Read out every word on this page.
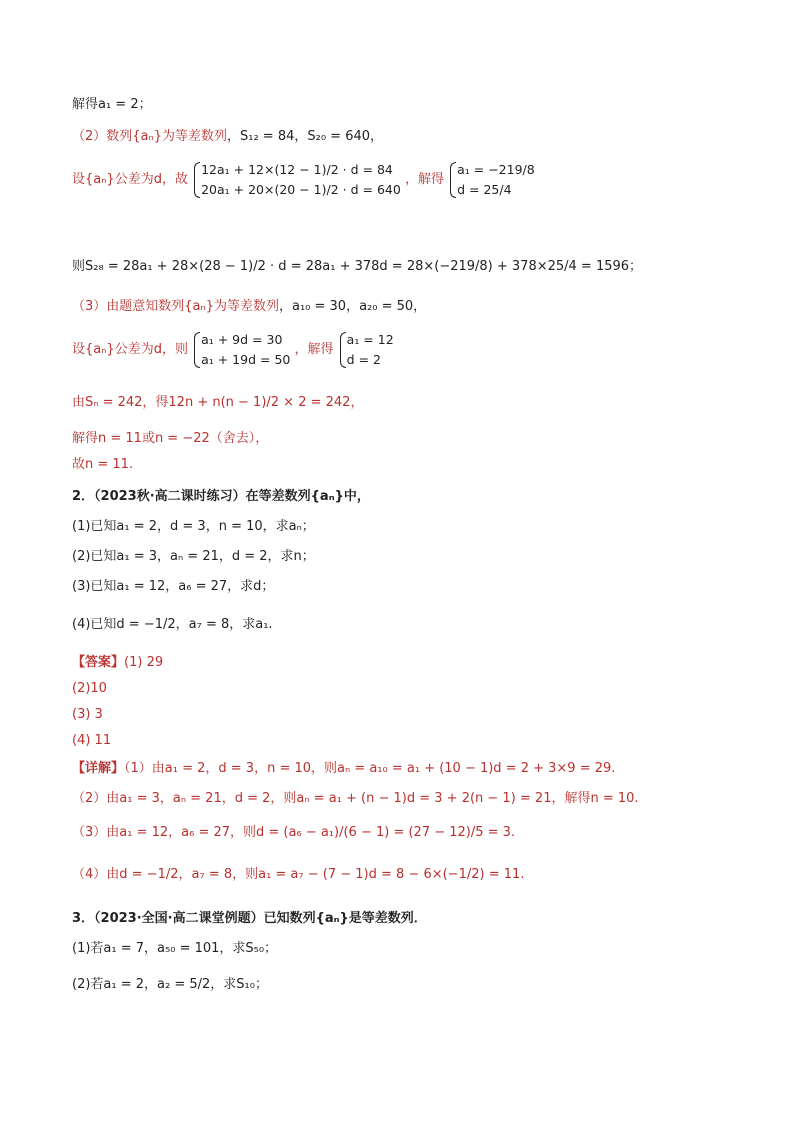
解得a₁ = 2；
（2）数列{aₙ}为等差数列，S₁₂ = 84，S₂₀ = 640，
设{aₙ}公差为d，故
12a₁ + 12×(12 − 1)/2 · d = 84
20a₁ + 20×(20 − 1)/2 · d = 640
，解得
a₁ = −219/8
d = 25/4
则S₂₈ = 28a₁ + 28×(28 − 1)/2 · d = 28a₁ + 378d = 28×(−219/8) + 378×25/4 = 1596；
（3）由题意知数列{aₙ}为等差数列，a₁₀ = 30，a₂₀ = 50，
设{aₙ}公差为d，则
a₁ + 9d = 30
a₁ + 19d = 50
，解得
a₁ = 12
d = 2
由Sₙ = 242，得12n + n(n − 1)/2 × 2 = 242，
解得n = 11或n = −22（舍去），
故n = 11.
2．（2023秋·高二课时练习）在等差数列{aₙ}中，
(1)已知a₁ = 2，d = 3，n = 10，求aₙ；
(2)已知a₁ = 3，aₙ = 21，d = 2，求n；
(3)已知a₁ = 12，a₆ = 27，求d；
(4)已知d = −1/2，a₇ = 8，求a₁.
【答案】(1) 29
(2)10
(3) 3
(4) 11
【详解】（1）由a₁ = 2，d = 3，n = 10，则aₙ = a₁₀ = a₁ + (10 − 1)d = 2 + 3×9 = 29.
（2）由a₁ = 3，aₙ = 21，d = 2，则aₙ = a₁ + (n − 1)d = 3 + 2(n − 1) = 21，解得n = 10.
（3）由a₁ = 12，a₆ = 27，则d = (a₆ − a₁)/(6 − 1) = (27 − 12)/5 = 3.
（4）由d = −1/2，a₇ = 8，则a₁ = a₇ − (7 − 1)d = 8 − 6×(−1/2) = 11.
3．（2023·全国·高二课堂例题）已知数列{aₙ}是等差数列．
(1)若a₁ = 7，a₅₀ = 101，求S₅₀；
(2)若a₁ = 2，a₂ = 5/2，求S₁₀；
